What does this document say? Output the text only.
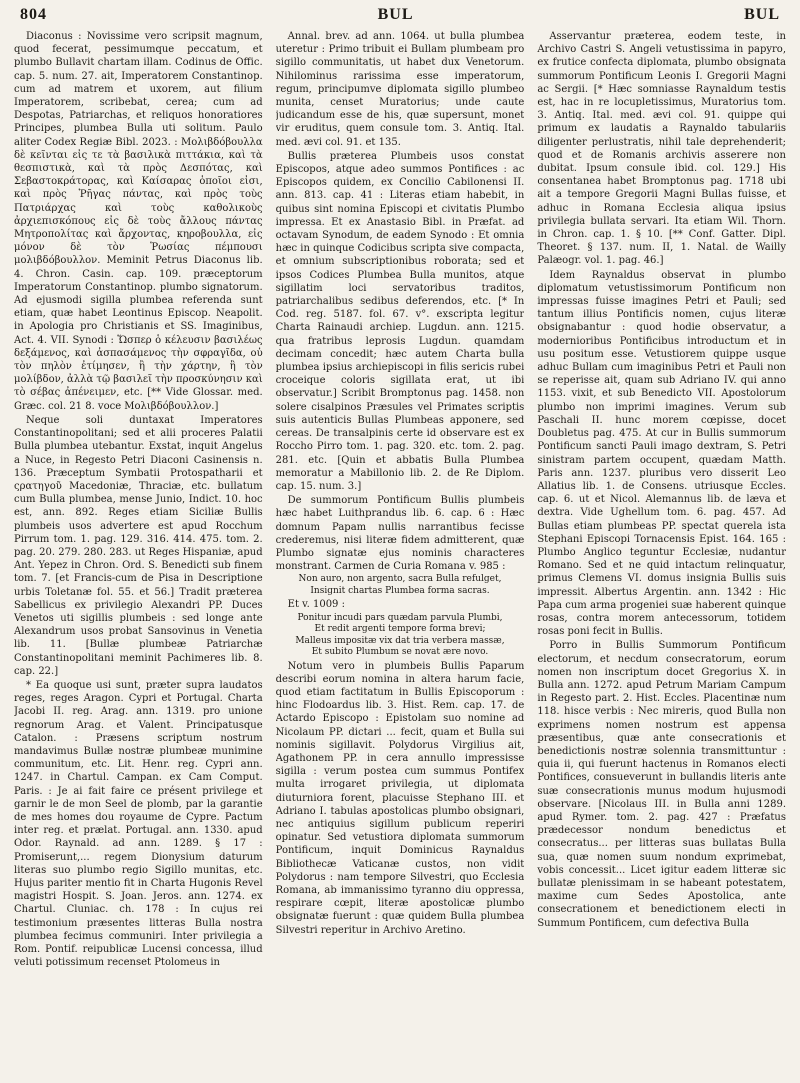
804	BUL	BUL

Diaconus : Novissime vero scripsit magnum, quod fecerat, pessimumque peccatum, et plumbo Bullavit chartam illam. Codinus de Offic. cap. 5. num. 27. ait, Imperatorem Constantinop. cum ad matrem et uxorem, aut filium Imperatorem, scribebat, cerea; cum ad Despotas, Patriarchas, et reliquos honoratiores Principes, plumbea Bulla uti solitum. Paulo aliter Codex Regiæ Bibl. 2023. : Μολιβδόβουλλα δὲ κεῖνται εἰς τε τὰ βασιλικὰ πιττάκια, καὶ τὰ θεσπιστικὰ, καὶ τὰ πρὸς Δεσπότας, καὶ Σεβαστοκράτορας, καὶ Καίσαρας ὁποῖοι εἰσι, καὶ πρὸς Ῥῆγας πάντας, καὶ πρὸς τοὺς Πατριάρχας καὶ τοὺς καθολικοὺς ἀρχιεπισκόπους εἰς δὲ τοὺς ἄλλους πάντας Μητροπολίτας καὶ ἄρχοντας, κηροβουλλα, εἰς μόνον δὲ τὸν Ῥωσίας πέμπουσι μολιβδόβουλλον. Meminit Petrus Diaconus lib. 4. Chron. Casin. cap. 109. præceptorum Imperatorum Constantinop. plumbo signatorum. Ad ejusmodi sigilla plumbea referenda sunt etiam, quæ habet Leontinus Episcop. Neapolit. in Apologia pro Christianis et SS. Imaginibus, Act. 4. VII. Synodi : Ὥσπερ ὁ κέλευσιν βασιλέως δεξάμενος, καὶ ἀσπασάμενος τὴν σφραγῖδα, οὐ τὸν πηλὸν ἐτίμησεν, ἢ τὴν χάρτην, ἢ τὸν μολίβδον, ἀλλὰ τῷ βασιλεῖ τὴν προσκύνησιν καὶ τὸ σέβας ἀπένειμεν, etc. [** Vide Glossar. med. Græc. col. 21 8. voce Μολιβδόβουλλον.]

Neque soli duntaxat Imperatores Constantinopolitani; sed et alii proceres Palatii Bulla plumbea utebantur. Exstat, inquit Angelus a Nuce, in Regesto Petri Diaconi Casinensis n. 136. Præceptum Symbatii Protospatharii et ςρατηγοῦ Macedoniæ, Thraciæ, etc. bullatum cum Bulla plumbea, mense Junio, Indict. 10. hoc est, ann. 892. Reges etiam Siciliæ Bullis plumbeis usos advertere est apud Rocchum Pirrum tom. 1. pag. 129. 316. 414. 475. tom. 2. pag. 20. 279. 280. 283. ut Reges Hispaniæ, apud Ant. Yepez in Chron. Ord. S. Benedicti sub finem tom. 7. [et Francis-cum de Pisa in Descriptione urbis Toletanæ fol. 55. et 56.] Tradit præterea Sabellicus ex privilegio Alexandri PP. Duces Venetos uti sigillis plumbeis : sed longe ante Alexandrum usos probat Sansovinus in Venetia lib. 11. [Bullæ plumbeæ Patriarchæ Constantinopolitani meminit Pachimeres lib. 8. cap. 22.]

* Ea quoque usi sunt, præter supra laudatos reges, reges Aragon. Cypri et Portugal. Charta Jacobi II. reg. Arag. ann. 1319. pro unione regnorum Arag. et Valent. Principatusque Catalon. : Præsens scriptum nostrum mandavimus Bullæ nostræ plumbeæ munimine communitum, etc. Lit. Henr. reg. Cypri ann. 1247. in Chartul. Campan. ex Cam Comput. Paris. : Je ai fait faire ce présent privilege et garnir le de mon Seel de plomb, par la garantie de mes homes dou royaume de Cypre. Pactum inter reg. et prælat. Portugal. ann. 1330. apud Odor. Raynald. ad ann. 1289. § 17 : Promiserunt,... regem Dionysium daturum literas suo plumbo regio Sigillo munitas, etc. Hujus pariter mentio fit in Charta Hugonis Revel magistri Hospit. S. Joan. Jeros. ann. 1274. ex Chartul. Cluniac. ch. 178 : In cujus rei testimonium præsentes litteras Bulla nostra plumbea fecimus communiri. Inter privilegia a Rom. Pontif. reipublicæ Lucensi concessa, illud veluti potissimum recenset Ptolomeus in

Annal. brev. ad ann. 1064. ut bulla plumbea uteretur : Primo tribuit ei Bullam plumbeam pro sigillo communitatis, ut habet dux Venetorum. Nihilominus rarissima esse imperatorum, regum, principumve diplomata sigillo plumbeo munita, censet Muratorius; unde caute judicandum esse de his, quæ supersunt, monet vir eruditus, quem consule tom. 3. Antiq. Ital. med. ævi col. 91. et 135.

Bullis præterea Plumbeis usos constat Episcopos, atque adeo summos Pontifices : ac Episcopos quidem, ex Concilio Cabilonensi II. ann. 813. cap. 41 : Literas etiam habebit, in quibus sint nomina Episcopi et civitatis Plumbo impressa. Et ex Anastasio Bibl. in Præfat. ad octavam Synodum, de eadem Synodo : Et omnia hæc in quinque Codicibus scripta sive compacta, et omnium subscriptionibus roborata; sed et ipsos Codices Plumbea Bulla munitos, atque sigillatim loci servatoribus traditos, patriarchalibus sedibus deferendos, etc. [* In Cod. reg. 5187. fol. 67. v°. exscripta legitur Charta Rainaudi archiep. Lugdun. ann. 1215. qua fratribus leprosis Lugdun. quamdam decimam concedit; hæc autem Charta bulla plumbea ipsius archiepiscopi in filis sericis rubei croceique coloris sigillata erat, ut ibi observatur.] Scribit Bromptonus pag. 1458. non solere cisalpinos Præsules vel Primates scriptis suis autenticis Bullas Plumbeas apponere, sed cereas. De transalpinis certe id observare est ex Roccho Pirro tom. 1. pag. 320. etc. tom. 2. pag. 281. etc. [Quin et abbatis Bulla Plumbea memoratur a Mabillonio lib. 2. de Re Diplom. cap. 15. num. 3.]

De summorum Pontificum Bullis plumbeis hæc habet Luithprandus lib. 6. cap. 6 : Hæc domnum Papam nullis narrantibus fecisse crederemus, nisi literæ fidem admitterent, quæ Plumbo signatæ ejus nominis characteres monstrant. Carmen de Curia Romana v. 985 :

Non auro, non argento, sacra Bulla refulget,
Insignit chartas Plumbea forma sacras.

Et v. 1009 :

Ponitur incudi pars quædam parvula Plumbi,
Et redit argenti tempore forma brevi;
Malleus impositæ vix dat tria verbera massæ,
Et subito Plumbum se novat ære novo.

Notum vero in plumbeis Bullis Paparum describi eorum nomina in altera harum facie, quod etiam factitatum in Bullis Episcoporum : hinc Flodoardus lib. 3. Hist. Rem. cap. 17. de Actardo Episcopo : Epistolam suo nomine ad Nicolaum PP. dictari ... fecit, quam et Bulla sui nominis sigillavit. Polydorus Virgilius ait, Agathonem PP. in cera annullo impressisse sigilla : verum postea cum summus Pontifex multa irrogaret privilegia, ut diplomata diuturniora forent, placuisse Stephano III. et Adriano I. tabulas apostolicas plumbo obsignari, nec antiquius sigillum publicum reperiri opinatur. Sed vetustiora diplomata summorum Pontificum, inquit Dominicus Raynaldus Bibliothecæ Vaticanæ custos, non vidit Polydorus : nam tempore Silvestri, quo Ecclesia Romana, ab immanissimo tyranno diu oppressa, respirare cœpit, literæ apostolicæ plumbo obsignatæ fuerunt : quæ quidem Bulla plumbea Silvestri reperitur in Archivo Aretino.

Asservantur præterea, eodem teste, in Archivo Castri S. Angeli vetustissima in papyro, ex frutice confecta diplomata, plumbo obsignata summorum Pontificum Leonis I. Gregorii Magni ac Sergii. [* Hæc somniasse Raynaldum testis est, hac in re locupletissimus, Muratorius tom. 3. Antiq. Ital. med. ævi col. 91. quippe qui primum ex laudatis a Raynaldo tabulariis diligenter perlustratis, nihil tale deprehenderit; quod et de Romanis archivis asserere non dubitat. Ipsum consule ibid. col. 129.] His consentanea habet Bromptonus pag. 1718 ubi ait a tempore Gregorii Magni Bullas fuisse, et adhuc in Romana Ecclesia aliqua ipsius privilegia bullata servari. Ita etiam Wil. Thorn. in Chron. cap. 1. § 10. [** Conf. Gatter. Dipl. Theoret. § 137. num. II, 1. Natal. de Wailly Palæogr. vol. 1. pag. 46.]

Idem Raynaldus observat in plumbo diplomatum vetustissimorum Pontificum non impressas fuisse imagines Petri et Pauli; sed tantum illius Pontificis nomen, cujus literæ obsignabantur : quod hodie observatur, a modernioribus Pontificibus introductum et in usu positum esse. Vetustiorem quippe usque adhuc Bullam cum imaginibus Petri et Pauli non se reperisse ait, quam sub Adriano IV. qui anno 1153. vixit, et sub Benedicto VII. Apostolorum plumbo non imprimi imagines. Verum sub Paschali II. hunc morem cœpisse, docet Doubletus pag. 475. At cur in Bullis summorum Pontificum sancti Pauli imago dextram, S. Petri sinistram partem occupent, quædam Matth. Paris ann. 1237. pluribus vero disserit Leo Allatius lib. 1. de Consens. utriusque Eccles. cap. 6. ut et Nicol. Alemannus lib. de læva et dextra. Vide Ughellum tom. 6. pag. 457. Ad Bullas etiam plumbeas PP. spectat querela ista Stephani Episcopi Tornacensis Epist. 164. 165 : Plumbo Anglico teguntur Ecclesiæ, nudantur Romano. Sed et ne quid intactum relinquatur, primus Clemens VI. domus insignia Bullis suis impressit. Albertus Argentin. ann. 1342 : Hic Papa cum arma progeniei suæ haberent quinque rosas, contra morem antecessorum, totidem rosas poni fecit in Bullis.

Porro in Bullis Summorum Pontificum electorum, et necdum consecratorum, eorum nomen non inscriptum docet Gregorius X. in Bulla ann. 1272. apud Petrum Mariam Campum in Regesto part. 2. Hist. Eccles. Placentinæ num 118. hisce verbis : Nec mireris, quod Bulla non exprimens nomen nostrum est appensa præsentibus, quæ ante consecrationis et benedictionis nostræ solennia transmittuntur : quia ii, qui fuerunt hactenus in Romanos electi Pontifices, consueverunt in bullandis literis ante suæ consecrationis munus modum hujusmodi observare. [Nicolaus III. in Bulla anni 1289. apud Rymer. tom. 2. pag. 427 : Præfatus prædecessor nondum benedictus et consecratus... per litteras suas bullatas Bulla sua, quæ nomen suum nondum exprimebat, vobis concessit... Licet igitur eadem litteræ sic bullatæ plenissimam in se habeant potestatem, maxime cum Sedes Apostolica, ante consecrationem et benedictionem electi in Summum Pontificem, cum defectiva Bulla
